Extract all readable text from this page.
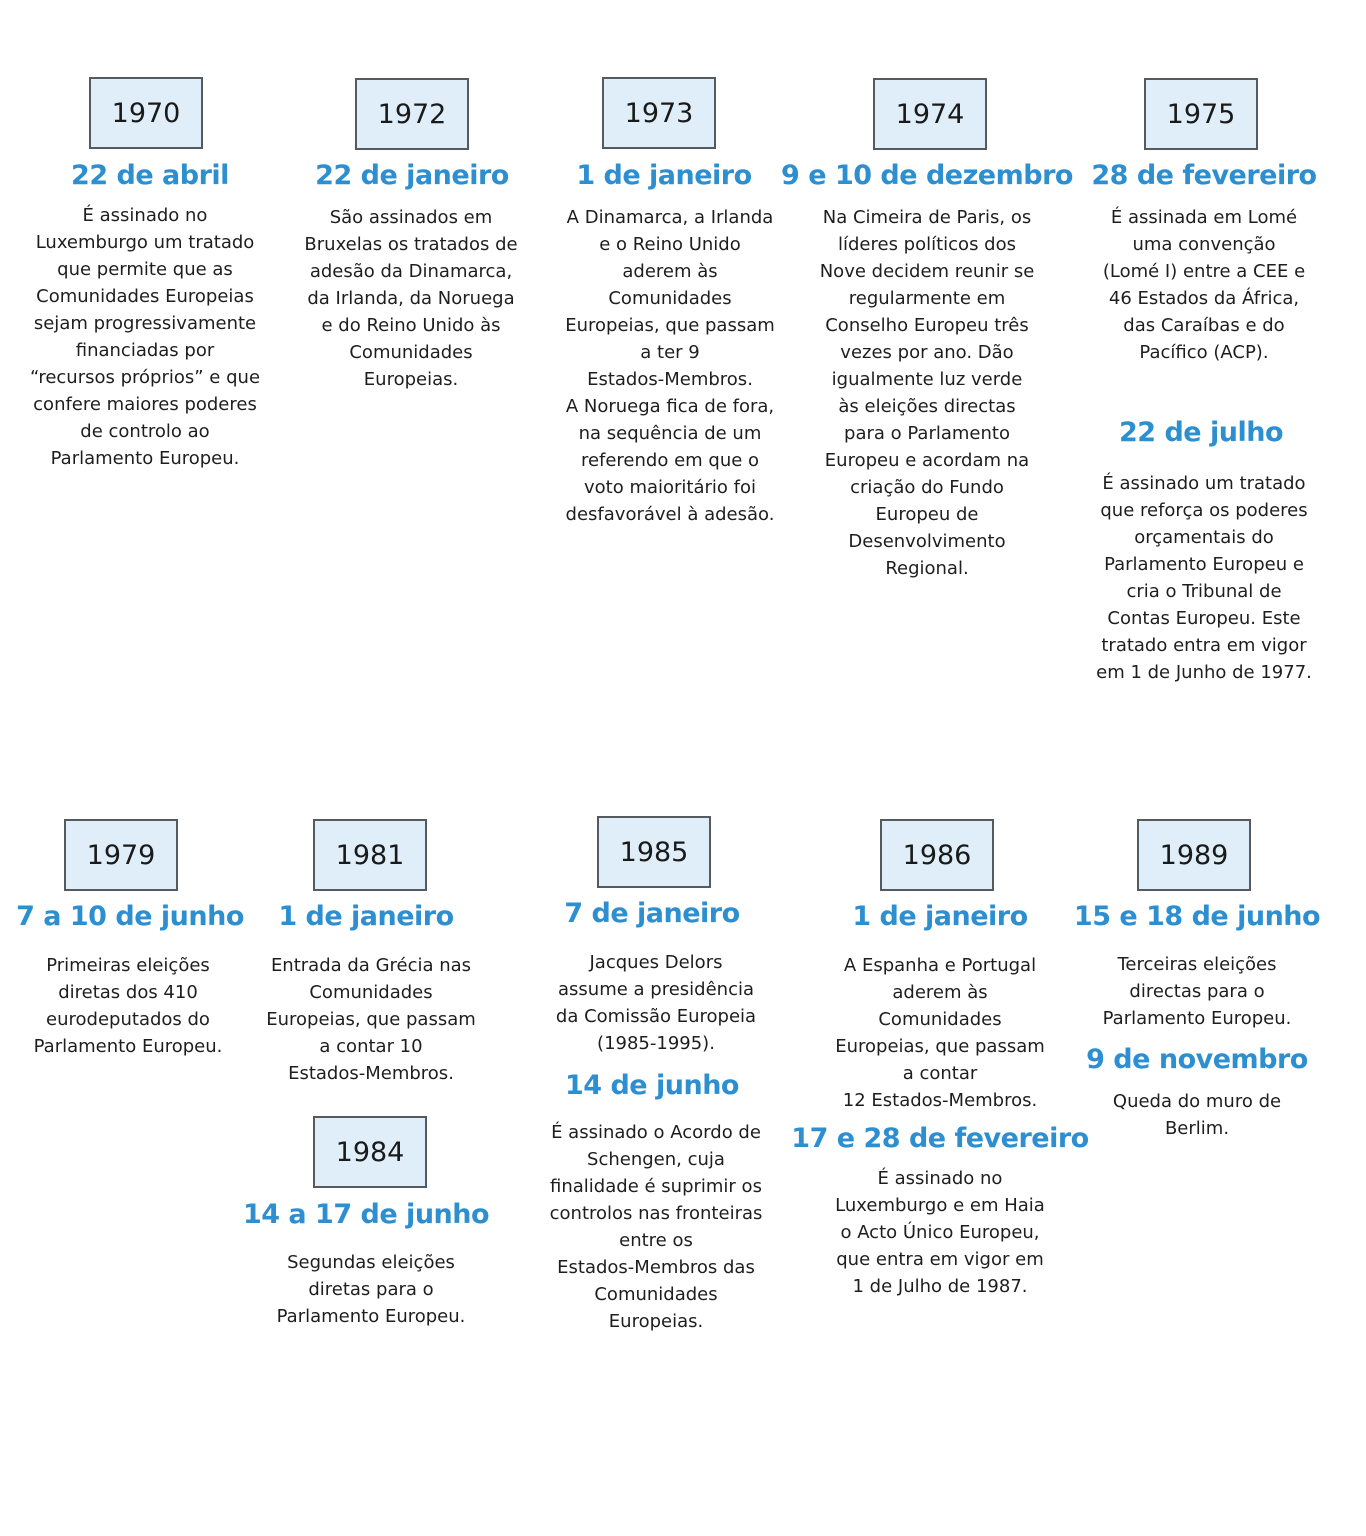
1970
22 de abril
É assinado no
Luxemburgo um tratado
que permite que as
Comunidades Europeias
sejam progressivamente
financiadas por
“recursos próprios” e que
confere maiores poderes
de controlo ao
Parlamento Europeu.
1972
22 de janeiro
São assinados em
Bruxelas os tratados de
adesão da Dinamarca,
da Irlanda, da Noruega
e do Reino Unido às
Comunidades
Europeias.
1973
1 de janeiro
A Dinamarca, a Irlanda
e o Reino Unido
aderem às
Comunidades
Europeias, que passam
a ter 9
Estados-Membros.
A Noruega fica de fora,
na sequência de um
referendo em que o
voto maioritário foi
desfavorável à adesão.
1974
9 e 10 de dezembro
Na Cimeira de Paris, os
líderes políticos dos
Nove decidem reunir se
regularmente em
Conselho Europeu três
vezes por ano. Dão
igualmente luz verde
às eleições directas
para o Parlamento
Europeu e acordam na
criação do Fundo
Europeu de
Desenvolvimento
Regional.
1975
28 de fevereiro
É assinada em Lomé
uma convenção
(Lomé I) entre a CEE e
46 Estados da África,
das Caraíbas e do
Pacífico (ACP).
22 de julho
É assinado um tratado
que reforça os poderes
orçamentais do
Parlamento Europeu e
cria o Tribunal de
Contas Europeu. Este
tratado entra em vigor
em 1 de Junho de 1977.
1979
7 a 10 de junho
Primeiras eleições
diretas dos 410
eurodeputados do
Parlamento Europeu.
1981
1 de janeiro
Entrada da Grécia nas
Comunidades
Europeias, que passam
a contar 10
Estados-Membros.
1984
14 a 17 de junho
Segundas eleições
diretas para o
Parlamento Europeu.
1985
7 de janeiro
Jacques Delors
assume a presidência
da Comissão Europeia
(1985-1995).
14 de junho
É assinado o Acordo de
Schengen, cuja
finalidade é suprimir os
controlos nas fronteiras
entre os
Estados-Membros das
Comunidades
Europeias.
1986
1 de janeiro
A Espanha e Portugal
aderem às
Comunidades
Europeias, que passam
a contar
12 Estados-Membros.
17 e 28 de fevereiro
É assinado no
Luxemburgo e em Haia
o Acto Único Europeu,
que entra em vigor em
1 de Julho de 1987.
1989
15 e 18 de junho
Terceiras eleições
directas para o
Parlamento Europeu.
9 de novembro
Queda do muro de
Berlim.
